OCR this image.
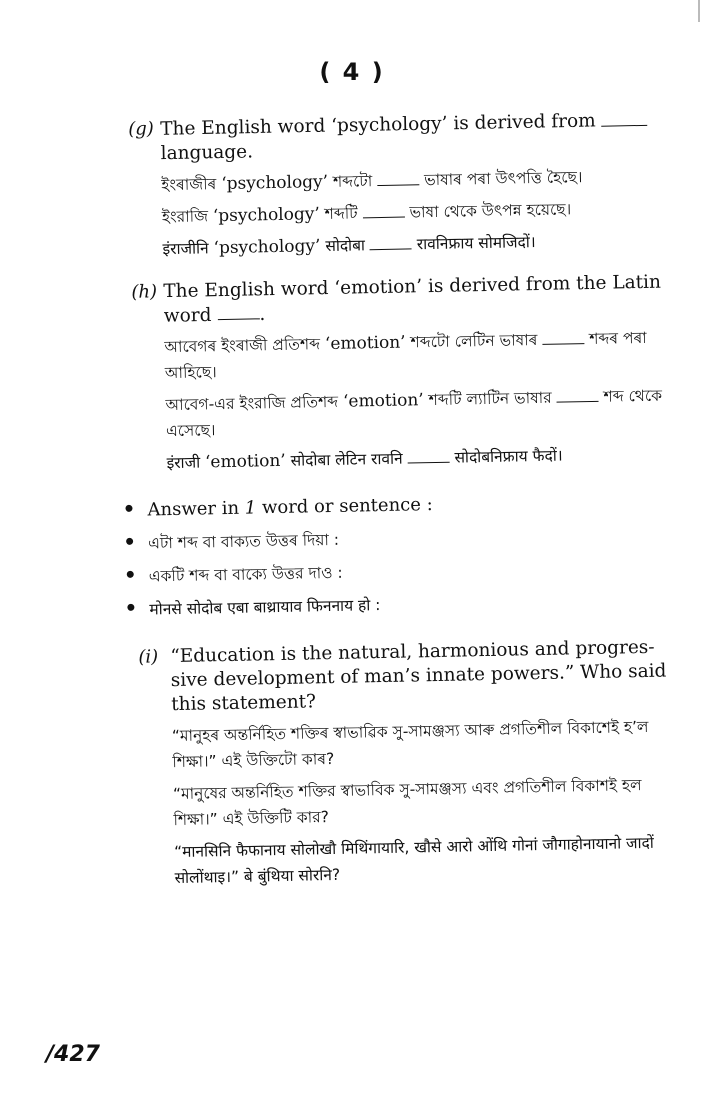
( 4 )
(g) The English word ‘psychology’ is derived from
language.

ইংৰাজীৰ ‘psychology’ শব্দটো	ভাষাৰ পৰা উৎপত্তি হৈছে।

ইংরাজি ‘psychology’ শব্দটি	ভাষা থেকে উৎপন্ন হয়েছে।

इंराजीनि ‘psychology’ सोदोबा	रावनिफ्राय सोमजिदों।

(h) The English word ‘emotion’ is derived from the Latin word	.

আবেগৰ ইংৰাজী প্ৰতিশব্দ ‘emotion’ শব্দটো লেটিন ভাষাৰ	শব্দৰ পৰা আহিছে।

আবেগ-এর ইংরাজি প্রতিশব্দ ‘emotion’ শব্দটি ল্যাটিন ভাষার	শব্দ থেকে এসেছে।

इंराजी ‘emotion’ सोदोबा लेटिन रावनि	सोदोबनिफ्राय फैदों।

Answer in 1 word or sentence :
এটা শব্দ বা বাক্যত উত্তৰ দিয়া :
একটি শব্দ বা বাক্যে উত্তর দাও :
मोनसे सोदोब एबा बाथ्रायाव फिननाय हो :
(i) “Education is the natural, harmonious and progres- sive development of man’s innate powers.” Who said this statement?

“মানুহৰ অন্তৰ্নিহিত শক্তিৰ স্বাভাৱিক সু-সামঞ্জস্য আৰু প্ৰগতিশীল বিকাশেই হ’ল শিক্ষা।” এই উক্তিটো কাৰ?

“মানুষের অন্তর্নিহিত শক্তির স্বাভাবিক সু-সামঞ্জস্য এবং প্রগতিশীল বিকাশই হল শিক্ষা।” এই উক্তিটি কার?

“मानसिनि फैफानाय सोलोखौ मिथिंगायारि, खौसे आरो ओंथि गोनां जौगाहोनायानो जादों सोलोंथाइ।” बे बुंथिया सोरनि?

/427
